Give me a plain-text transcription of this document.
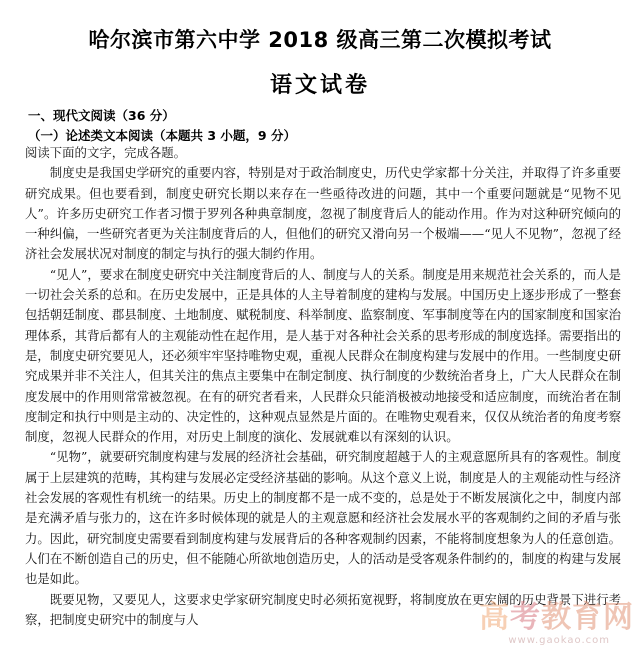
哈尔滨市第六中学 2018 级高三第二次模拟考试
语文试卷
一、现代文阅读（36 分）
（一）论述类文本阅读（本题共 3 小题，9 分）

阅读下面的文字，完成各题。

制度史是我国史学研究的重要内容，特别是对于政治制度史，历代史学家都十分关注，并取得了许多重要研究成果。但也要看到，制度史研究长期以来存在一些亟待改进的问题，其中一个重要问题就是“见物不见人”。许多历史研究工作者习惯于罗列各种典章制度，忽视了制度背后人的能动作用。作为对这种研究倾向的一种纠偏，一些研究者更为关注制度背后的人，但他们的研究又滑向另一个极端——“见人不见物”，忽视了经济社会发展状况对制度的制定与执行的强大制约作用。

“见人”，要求在制度史研究中关注制度背后的人、制度与人的关系。制度是用来规范社会关系的，而人是一切社会关系的总和。在历史发展中，正是具体的人主导着制度的建构与发展。中国历史上逐步形成了一整套包括朝廷制度、郡县制度、土地制度、赋税制度、科举制度、监察制度、军事制度等在内的国家制度和国家治理体系，其背后都有人的主观能动性在起作用，是人基于对各种社会关系的思考形成的制度选择。需要指出的是，制度史研究要见人，还必须牢牢坚持唯物史观，重视人民群众在制度构建与发展中的作用。一些制度史研究成果并非不关注人，但其关注的焦点主要集中在制定制度、执行制度的少数统治者身上，广大人民群众在制度发展中的作用则常常被忽视。在有的研究者看来，人民群众只能消极被动地接受和适应制度，而统治者在制度制定和执行中则是主动的、决定性的，这种观点显然是片面的。在唯物史观看来，仅仅从统治者的角度考察制度，忽视人民群众的作用，对历史上制度的演化、发展就难以有深刻的认识。

“见物”，就要研究制度构建与发展的经济社会基础，研究制度超越于人的主观意愿所具有的客观性。制度属于上层建筑的范畴，其构建与发展必定受经济基础的影响。从这个意义上说，制度是人的主观能动性与经济社会发展的客观性有机统一的结果。历史上的制度都不是一成不变的，总是处于不断发展演化之中，制度内部是充满矛盾与张力的，这在许多时候体现的就是人的主观意愿和经济社会发展水平的客观制约之间的矛盾与张力。因此，研究制度史需要看到制度构建与发展背后的各种客观制约因素，不能将制度想象为人的任意创造。人们在不断创造自己的历史，但不能随心所欲地创造历史，人的活动是受客观条件制约的，制度的构建与发展也是如此。

既要见物，又要见人，这要求史学家研究制度史时必须拓宽视野，将制度放在更宏阔的历史背景下进行考察，把制度史研究中的制度与人	高考教育网
www.gaokao.com
